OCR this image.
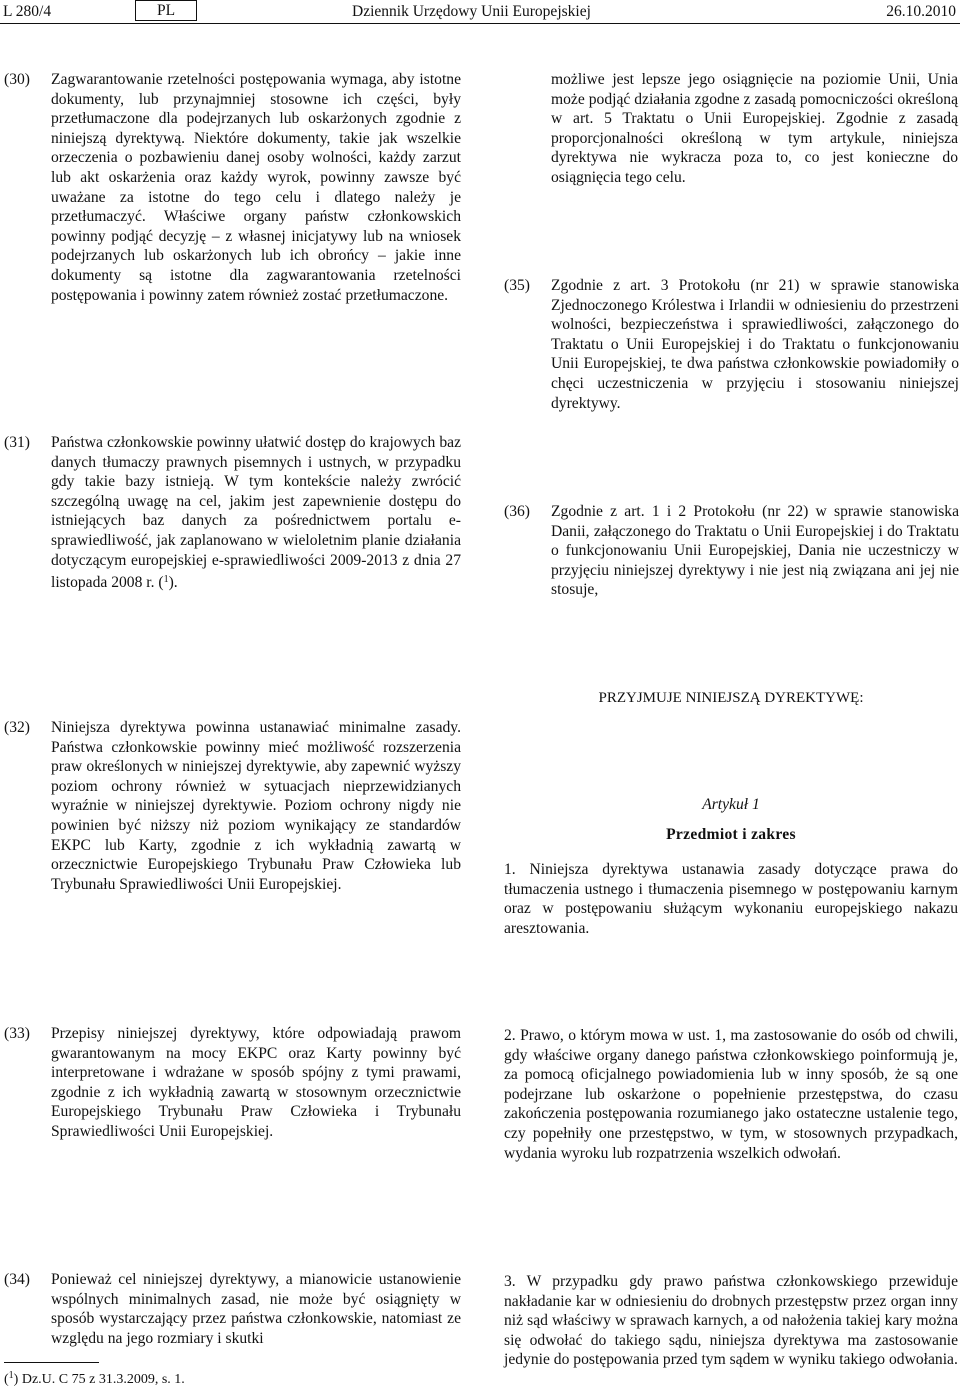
L 280/4	PL	Dziennik Urzędowy Unii Europejskiej	26.10.2010
(30) Zagwarantowanie rzetelności postępowania wymaga, aby istotne dokumenty, lub przynajmniej stosowne ich części, były przetłumaczone dla podejrzanych lub oskarżonych zgodnie z niniejszą dyrektywą. Niektóre dokumenty, takie jak wszelkie orzeczenia o pozbawieniu danej osoby wolności, każdy zarzut lub akt oskarżenia oraz każdy wyrok, powinny zawsze być uważane za istotne do tego celu i dlatego należy je przetłumaczyć. Właściwe organy państw członkowskich powinny podjąć decyzję – z własnej inicjatywy lub na wniosek podejrzanych lub oskarżonych lub ich obrońcy – jakie inne dokumenty są istotne dla zagwarantowania rzetelności postępowania i powinny zatem również zostać przetłumaczone.
(31) Państwa członkowskie powinny ułatwić dostęp do krajowych baz danych tłumaczy prawnych pisemnych i ustnych, w przypadku gdy takie bazy istnieją. W tym kontekście należy zwrócić szczególną uwagę na cel, jakim jest zapewnienie dostępu do istniejących baz danych za pośrednictwem portalu e-sprawiedliwość, jak zaplanowano w wieloletnim planie działania dotyczącym europejskiej e-sprawiedliwości 2009-2013 z dnia 27 listopada 2008 r. ($^1$).
(32) Niniejsza dyrektywa powinna ustanawiać minimalne zasady. Państwa członkowskie powinny mieć możliwość rozszerzenia praw określonych w niniejszej dyrektywie, aby zapewnić wyższy poziom ochrony również w sytuacjach nieprzewidzianych wyraźnie w niniejszej dyrektywie. Poziom ochrony nigdy nie powinien być niższy niż poziom wynikający ze standardów EKPC lub Karty, zgodnie z ich wykładnią zawartą w orzecznictwie Europejskiego Trybunału Praw Człowieka lub Trybunału Sprawiedliwości Unii Europejskiej.
(33) Przepisy niniejszej dyrektywy, które odpowiadają prawom gwarantowanym na mocy EKPC oraz Karty powinny być interpretowane i wdrażane w sposób spójny z tymi prawami, zgodnie z ich wykładnią zawartą w stosownym orzecznictwie Europejskiego Trybunału Praw Człowieka i Trybunału Sprawiedliwości Unii Europejskiej.
(34) Ponieważ cel niniejszej dyrektywy, a mianowicie ustanowienie wspólnych minimalnych zasad, nie może być osiągnięty w sposób wystarczający przez państwa członkowskie, natomiast ze względu na jego rozmiary i skutki
($^1$) Dz.U. C 75 z 31.3.2009, s. 1.
możliwe jest lepsze jego osiągnięcie na poziomie Unii, Unia może podjąć działania zgodne z zasadą pomocniczości określoną w art. 5 Traktatu o Unii Europejskiej. Zgodnie z zasadą proporcjonalności określoną w tym artykule, niniejsza dyrektywa nie wykracza poza to, co jest konieczne do osiągnięcia tego celu.
(35) Zgodnie z art. 3 Protokołu (nr 21) w sprawie stanowiska Zjednoczonego Królestwa i Irlandii w odniesieniu do przestrzeni wolności, bezpieczeństwa i sprawiedliwości, załączonego do Traktatu o Unii Europejskiej i do Traktatu o funkcjonowaniu Unii Europejskiej, te dwa państwa członkowskie powiadomiły o chęci uczestniczenia w przyjęciu i stosowaniu niniejszej dyrektywy.
(36) Zgodnie z art. 1 i 2 Protokołu (nr 22) w sprawie stanowiska Danii, załączonego do Traktatu o Unii Europejskiej i do Traktatu o funkcjonowaniu Unii Europejskiej, Dania nie uczestniczy w przyjęciu niniejszej dyrektywy i nie jest nią związana ani jej nie stosuje,
PRZYJMUJE NINIEJSZĄ DYREKTYWĘ:
Artykuł 1
Przedmiot i zakres
1. Niniejsza dyrektywa ustanawia zasady dotyczące prawa do tłumaczenia ustnego i tłumaczenia pisemnego w postępowaniu karnym oraz w postępowaniu służącym wykonaniu europejskiego nakazu aresztowania.
2. Prawo, o którym mowa w ust. 1, ma zastosowanie do osób od chwili, gdy właściwe organy danego państwa członkowskiego poinformują je, za pomocą oficjalnego powiadomienia lub w inny sposób, że są one podejrzane lub oskarżone o popełnienie przestępstwa, do czasu zakończenia postępowania rozumianego jako ostateczne ustalenie tego, czy popełniły one przestępstwo, w tym, w stosownych przypadkach, wydania wyroku lub rozpatrzenia wszelkich odwołań.
3. W przypadku gdy prawo państwa członkowskiego przewiduje nakładanie kar w odniesieniu do drobnych przestępstw przez organ inny niż sąd właściwy w sprawach karnych, a od nałożenia takiej kary można się odwołać do takiego sądu, niniejsza dyrektywa ma zastosowanie jedynie do postępowania przed tym sądem w wyniku takiego odwołania.
